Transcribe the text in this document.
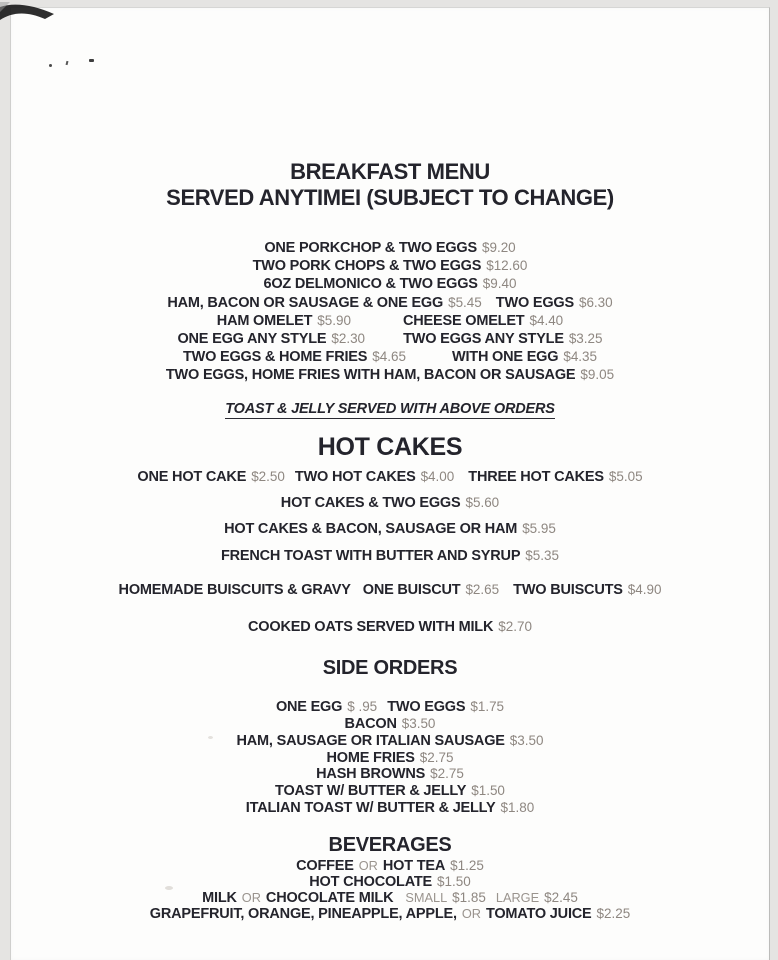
BREAKFAST MENU
SERVED ANYTIMEI (SUBJECT TO CHANGE)
ONE PORKCHOP & TWO EGGS $9.20
TWO PORK CHOPS & TWO EGGS $12.60
6OZ DELMONICO & TWO EGGS $9.40
HAM, BACON OR SAUSAGE & ONE EGG $5.45 TWO EGGS $6.30
HAM OMELET $5.90	CHEESE OMELET $4.40
ONE EGG ANY STYLE $2.30	TWO EGGS ANY STYLE $3.25
TWO EGGS & HOME FRIES $4.65	WITH ONE EGG $4.35
TWO EGGS, HOME FRIES WITH HAM, BACON OR SAUSAGE $9.05
TOAST & JELLY SERVED WITH ABOVE ORDERS
HOT CAKES
ONE HOT CAKE $2.50 TWO HOT CAKES $4.00 THREE HOT CAKES $5.05
HOT CAKES & TWO EGGS $5.60
HOT CAKES & BACON, SAUSAGE OR HAM $5.95
FRENCH TOAST WITH BUTTER AND SYRUP $5.35
HOMEMADE BUISCUITS & GRAVY ONE BUISCUT $2.65 TWO BUISCUTS $4.90
COOKED OATS SERVED WITH MILK $2.70
SIDE ORDERS
ONE EGG $ .95 TWO EGGS $1.75
BACON $3.50
HAM, SAUSAGE OR ITALIAN SAUSAGE $3.50
HOME FRIES $2.75
HASH BROWNS $2.75
TOAST W/ BUTTER & JELLY $1.50
ITALIAN TOAST W/ BUTTER & JELLY $1.80
BEVERAGES
COFFEE OR HOT TEA $1.25
HOT CHOCOLATE $1.50
MILK OR CHOCOLATE MILK SMALL $1.85 LARGE $2.45
GRAPEFRUIT, ORANGE, PINEAPPLE, APPLE, OR TOMATO JUICE $2.25
